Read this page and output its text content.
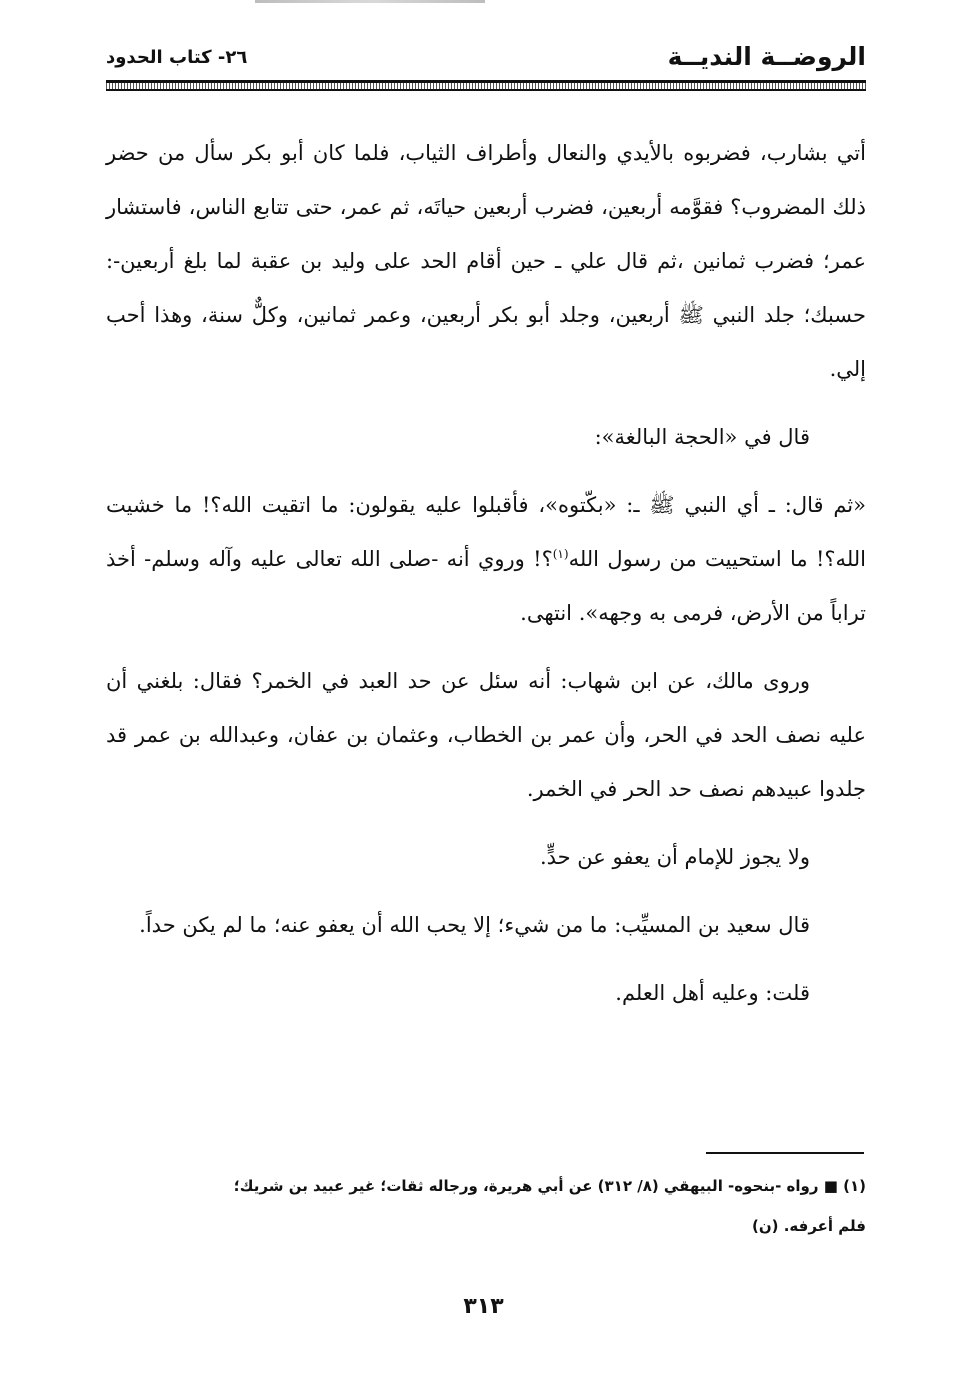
الروضــة النديــة
٢٦- كتاب الحدود

أتي بشارب، فضربوه بالأيدي والنعال وأطراف الثياب، فلما كان أبو بكر سأل من حضر ذلك المضروب؟ فقوَّمه أربعين، فضرب أربعين حياتَه، ثم عمر، حتى تتابع الناس، فاستشار عمر؛ فضرب ثمانين ،ثم قال علي ـ حين أقام الحد على وليد بن عقبة لما بلغ أربعين-: حسبك؛ جلد النبي ﷺ أربعين، وجلد أبو بكر أربعين، وعمر ثمانين، وكلٌّ سنة، وهذا أحب إلي.

قال في «الحجة البالغة»:

«ثم قال: ـ أي النبي ﷺ ـ: «بكّتوه»، فأقبلوا عليه يقولون: ما اتقيت الله؟! ما خشيت الله؟! ما استحييت من رسول الله$^{(١)}$؟! وروي أنه -صلى الله تعالى عليه وآله وسلم- أخذ تراباً من الأرض، فرمى به وجهه». انتهى.

وروى مالك، عن ابن شهاب: أنه سئل عن حد العبد في الخمر؟ فقال: بلغني أن عليه نصف الحد في الحر، وأن عمر بن الخطاب، وعثمان بن عفان، وعبدالله بن عمر قد جلدوا عبيدهم نصف حد الحر في الخمر.

ولا يجوز للإمام أن يعفو عن حدٍّ.

قال سعيد بن المسيِّب: ما من شيء؛ إلا يحب الله أن يعفو عنه؛ ما لم يكن حداً.

قلت: وعليه أهل العلم.

(١) ■ رواه -بنحوه- البيهقي (٨/ ٣١٢) عن أبي هريرة، ورجاله ثقات؛ غير عبيد بن شريك؛

فلم أعرفه. (ن)

٣١٣
